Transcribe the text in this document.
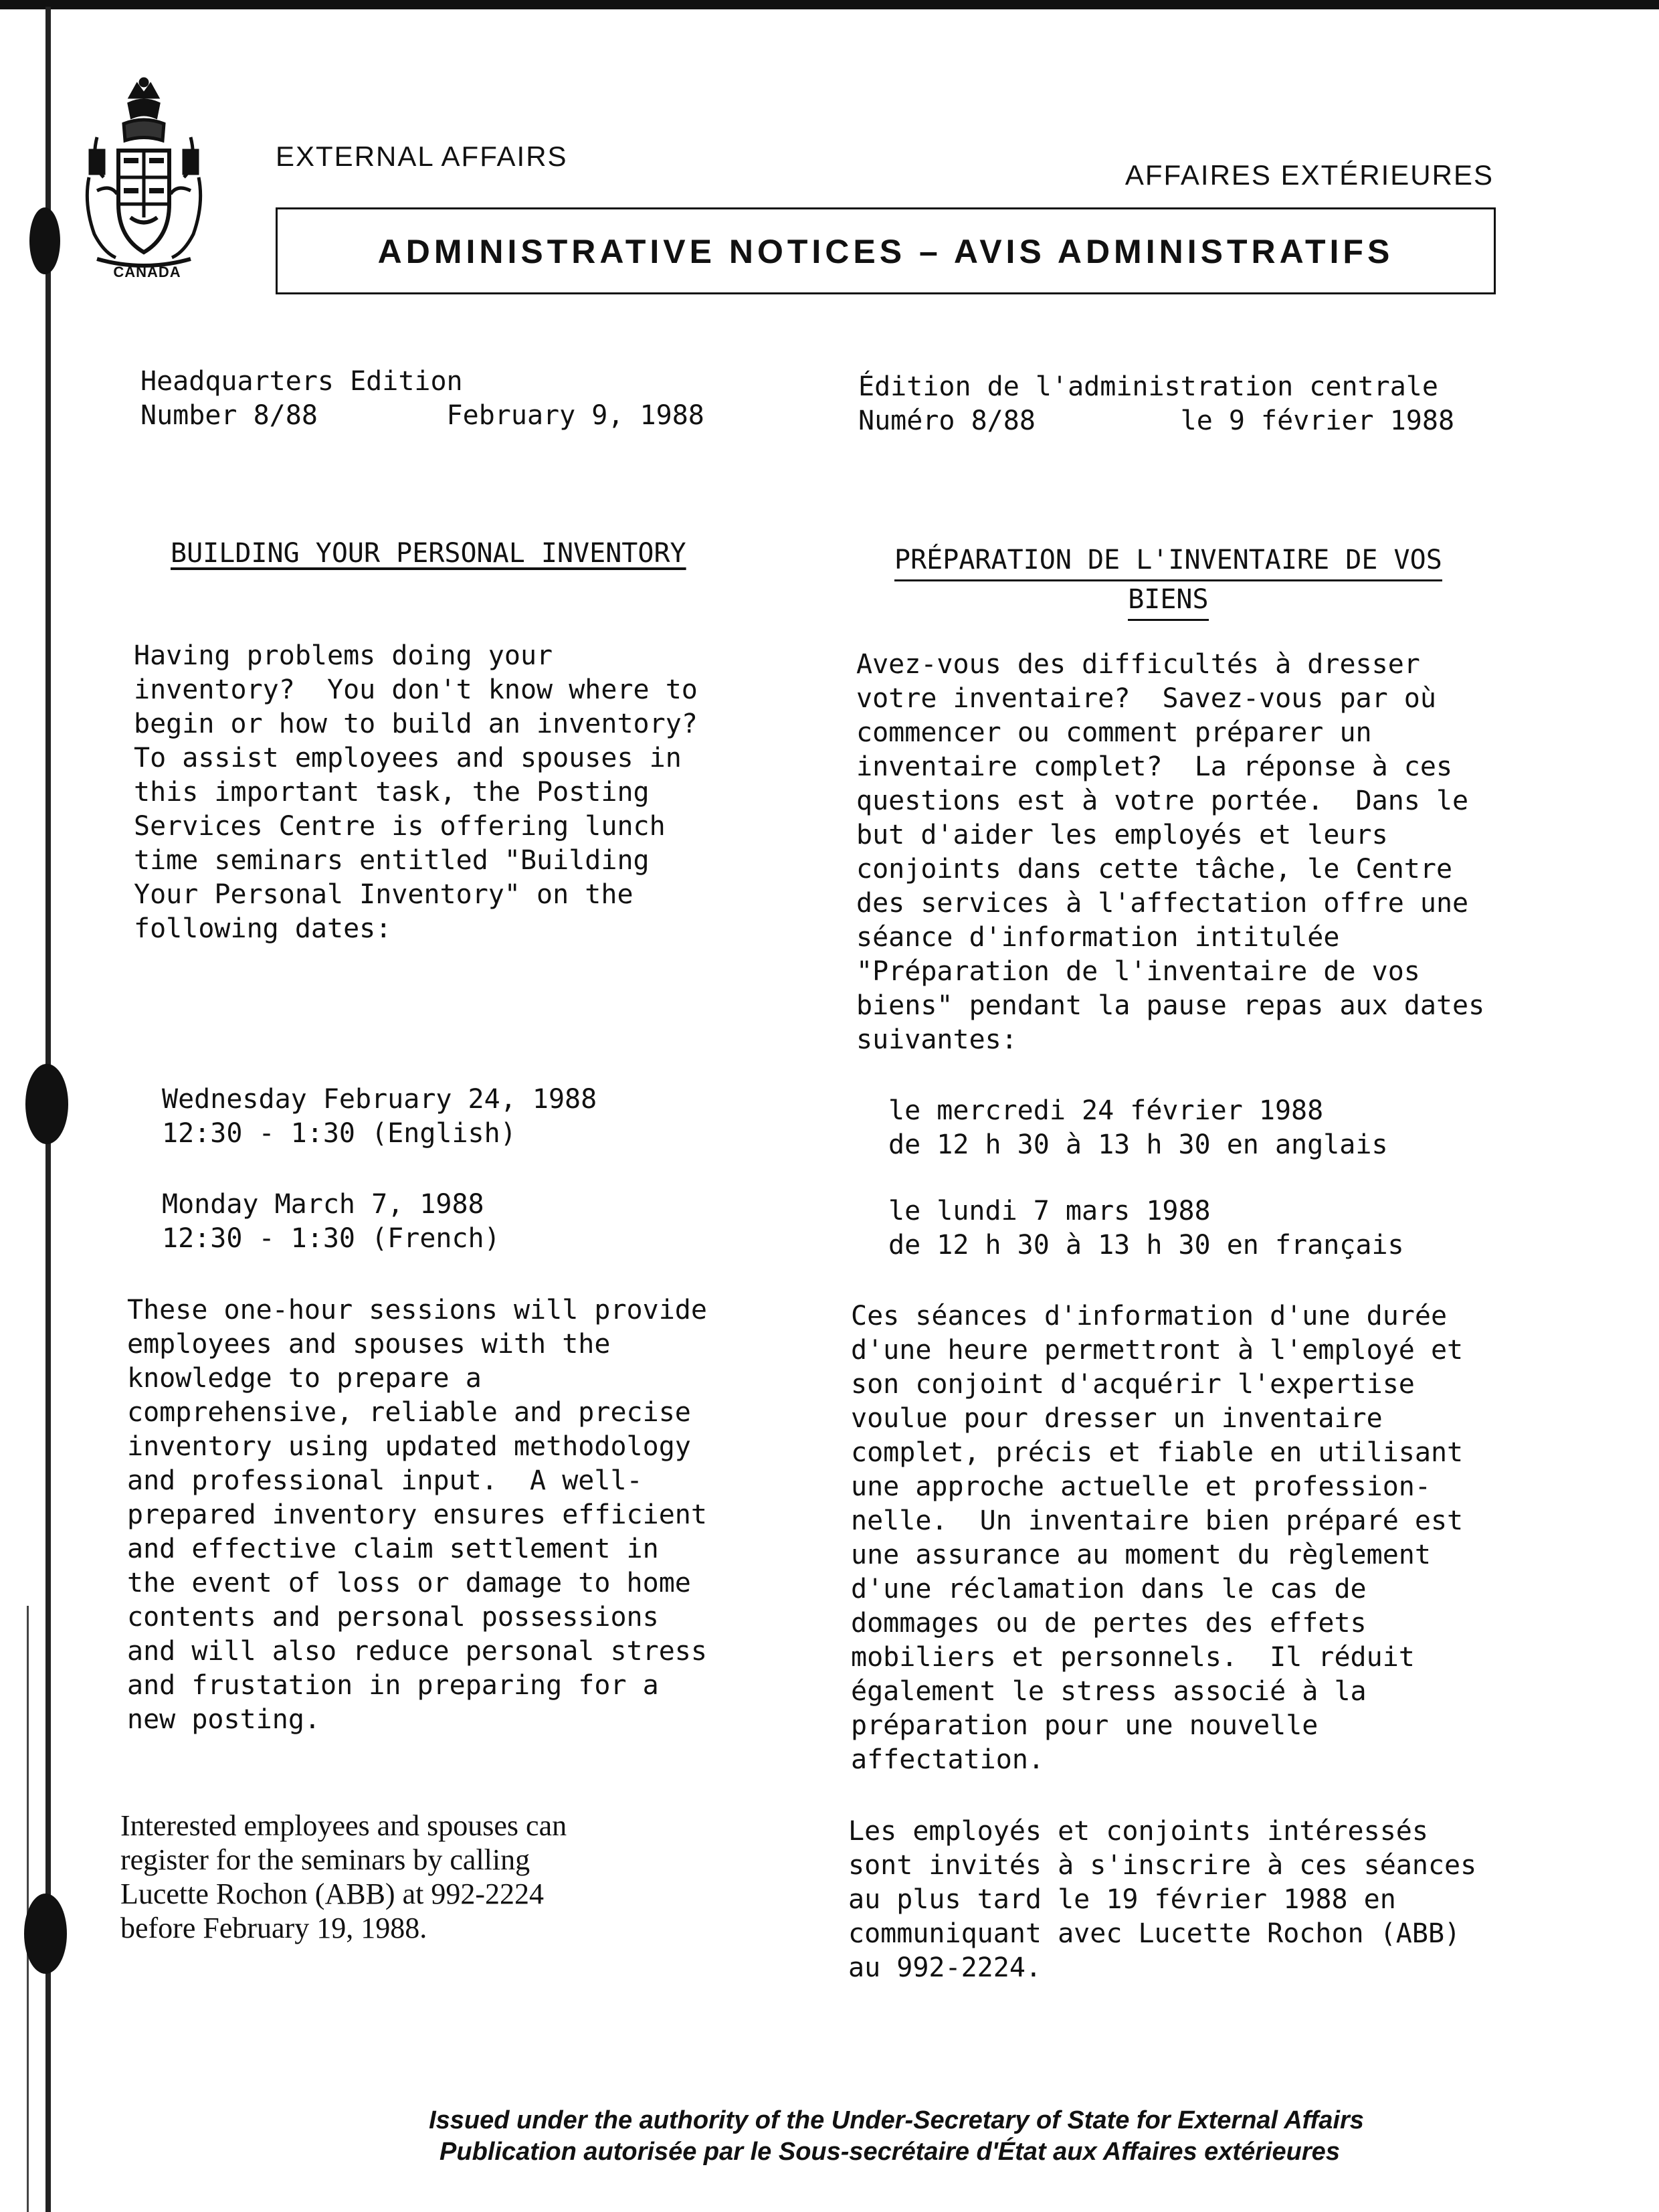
CANADA
EXTERNAL AFFAIRS
AFFAIRES EXTÉRIEURES
ADMINISTRATIVE NOTICES – AVIS ADMINISTRATIFS
Headquarters Edition
Number 8/88        February 9, 1988
Édition de l'administration centrale
Numéro 8/88         le 9 février 1988
BUILDING YOUR PERSONAL INVENTORY	PRÉPARATION DE L'INVENTAIRE DE VOS
BIENS
Having problems doing your
inventory?  You don't know where to
begin or how to build an inventory?
To assist employees and spouses in
this important task, the Posting
Services Centre is offering lunch
time seminars entitled "Building
Your Personal Inventory" on the
following dates:
Wednesday February 24, 1988
12:30 - 1:30 (English)
Monday March 7, 1988
12:30 - 1:30 (French)
These one-hour sessions will provide
employees and spouses with the
knowledge to prepare a
comprehensive, reliable and precise
inventory using updated methodology
and professional input.  A well-
prepared inventory ensures efficient
and effective claim settlement in
the event of loss or damage to home
contents and personal possessions
and will also reduce personal stress
and frustation in preparing for a
new posting.
Interested employees and spouses can
register for the seminars by calling
Lucette Rochon (ABB) at 992-2224
before February 19, 1988.
Avez-vous des difficultés à dresser
votre inventaire?  Savez-vous par où
commencer ou comment préparer un
inventaire complet?  La réponse à ces
questions est à votre portée.  Dans le
but d'aider les employés et leurs
conjoints dans cette tâche, le Centre
des services à l'affectation offre une
séance d'information intitulée
"Préparation de l'inventaire de vos
biens" pendant la pause repas aux dates
suivantes:
le mercredi 24 février 1988
de 12 h 30 à 13 h 30 en anglais
le lundi 7 mars 1988
de 12 h 30 à 13 h 30 en français
Ces séances d'information d'une durée
d'une heure permettront à l'employé et
son conjoint d'acquérir l'expertise
voulue pour dresser un inventaire
complet, précis et fiable en utilisant
une approche actuelle et profession-
nelle.  Un inventaire bien préparé est
une assurance au moment du règlement
d'une réclamation dans le cas de
dommages ou de pertes des effets
mobiliers et personnels.  Il réduit
également le stress associé à la
préparation pour une nouvelle
affectation.
Les employés et conjoints intéressés
sont invités à s'inscrire à ces séances
au plus tard le 19 février 1988 en
communiquant avec Lucette Rochon (ABB)
au 992-2224.
Issued under the authority of the Under-Secretary of State for External Affairs
Publication autorisée par le Sous-secrétaire d'État aux Affaires extérieures
